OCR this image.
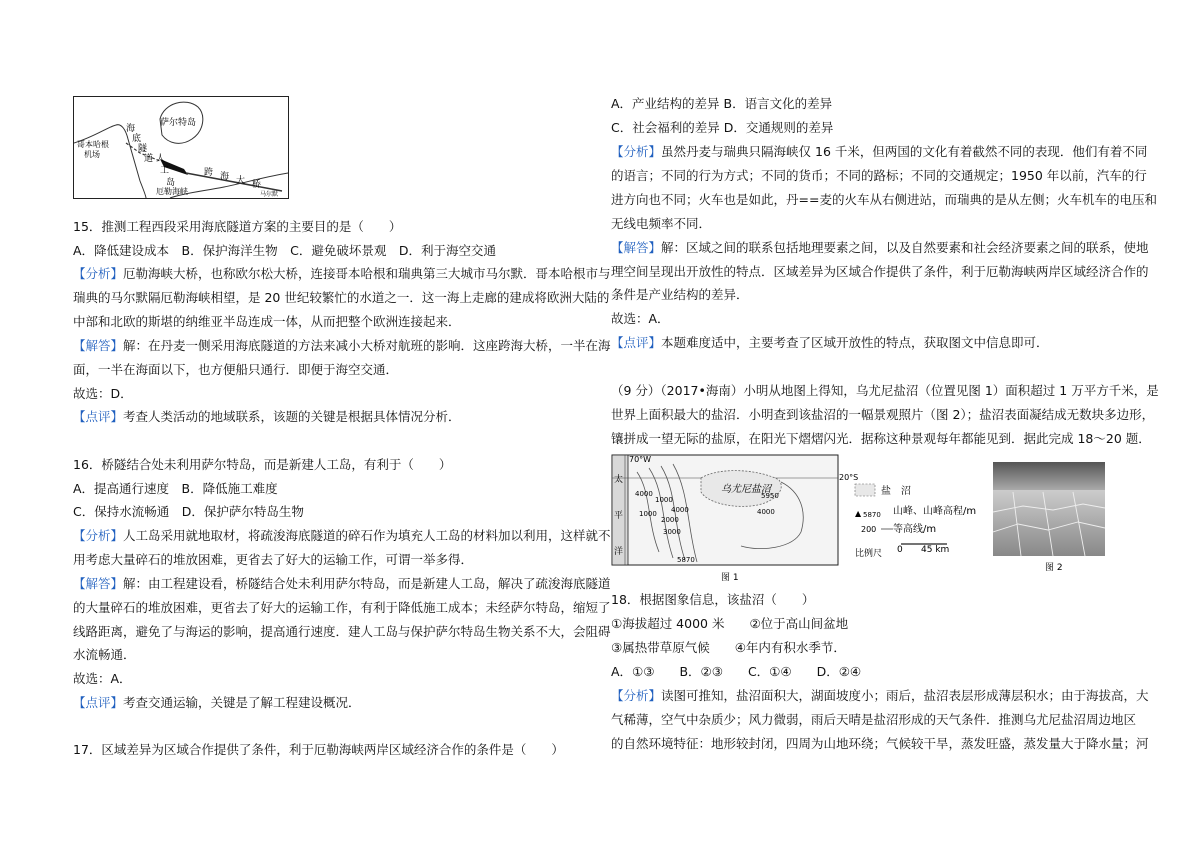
哥本哈根
机场
萨尔特岛
海
底
隧
道 人
工
岛
跨 海 大 桥
厄勒海峡	马尔默
15．推测工程西段采用海底隧道方案的主要目的是（　　）
A．降低建设成本　B．保护海洋生物　C．避免破坏景观　D．利于海空交通
【分析】厄勒海峡大桥，也称欧尔松大桥，连接哥本哈根和瑞典第三大城市马尔默．哥本哈根市与
瑞典的马尔默隔厄勒海峡相望，是 20 世纪较繁忙的水道之一．这一海上走廊的建成将欧洲大陆的
中部和北欧的斯堪的纳维亚半岛连成一体，从而把整个欧洲连接起来．
【解答】解：在丹麦一侧采用海底隧道的方法来减小大桥对航班的影响．这座跨海大桥，一半在海
面，一半在海面以下，也方便船只通行．即便于海空交通．
故选：D．
【点评】考查人类活动的地域联系，该题的关键是根据具体情况分析．
16．桥隧结合处未利用萨尔特岛，而是新建人工岛，有利于（　　）
A．提高通行速度　B．降低施工难度
C．保持水流畅通　D．保护萨尔特岛生物
【分析】人工岛采用就地取材，将疏浚海底隧道的碎石作为填充人工岛的材料加以利用，这样就不
用考虑大量碎石的堆放困难，更省去了好大的运输工作，可谓一举多得．
【解答】解：由工程建设看，桥隧结合处未利用萨尔特岛，而是新建人工岛，解决了疏浚海底隧道
的大量碎石的堆放困难，更省去了好大的运输工作，有利于降低施工成本；未经萨尔特岛，缩短了
线路距离，避免了与海运的影响，提高通行速度．建人工岛与保护萨尔特岛生物关系不大，会阻碍
水流畅通．
故选：A．
【点评】考查交通运输，关键是了解工程建设概况．
17．区域差异为区域合作提供了条件，利于厄勒海峡两岸区域经济合作的条件是（　　）
A．产业结构的差异 B．语言文化的差异
C．社会福利的差异 D．交通规则的差异
【分析】虽然丹麦与瑞典只隔海峡仅 16 千米，但两国的文化有着截然不同的表现．他们有着不同
的语言；不同的行为方式；不同的货币；不同的路标；不同的交通规定；1950 年以前，汽车的行
进方向也不同；火车也是如此，丹==麦的火车从右侧进站，而瑞典的是从左侧；火车机车的电压和
无线电频率不同．
【解答】解：区域之间的联系包括地理要素之间，以及自然要素和社会经济要素之间的联系，使地
理空间呈现出开放性的特点．区域差异为区域合作提供了条件，利于厄勒海峡两岸区域经济合作的
条件是产业结构的差异．
故选：A．
【点评】本题难度适中，主要考查了区域开放性的特点，获取图文中信息即可．
（9 分）（2017•海南）小明从地图上得知，乌尤尼盐沼（位置见图 1）面积超过 1 万平方千米，是
世界上面积最大的盐沼．小明查到该盐沼的一幅景观照片（图 2）；盐沼表面凝结成无数块多边形，
镶拼成一望无际的盐原，在阳光下熠熠闪光．据称这种景观每年都能见到．据此完成 18～20 题．
70°W
20°S
乌尤尼盐沼
4000
1000
4000
2000
3000
1000	4000
5950
5870
太
平
洋
盐　沼
▲ 5870 山峰、山峰高程/m
200 等高线/m
0 45 km
比例尺
图 1
图 2
18．根据图象信息，该盐沼（　　）
①海拔超过 4000 米　　②位于高山间盆地
③属热带草原气候　　④年内有积水季节．
A．①③　　B．②③　　C．①④　　D．②④
【分析】读图可推知，盐沼面积大，湖面坡度小；雨后，盐沼表层形成薄层积水；由于海拔高，大
气稀薄，空气中杂质少；风力微弱，雨后天晴是盐沼形成的天气条件．推测乌尤尼盐沼周边地区
的自然环境特征：地形较封闭，四周为山地环绕；气候较干旱，蒸发旺盛，蒸发量大于降水量；河
